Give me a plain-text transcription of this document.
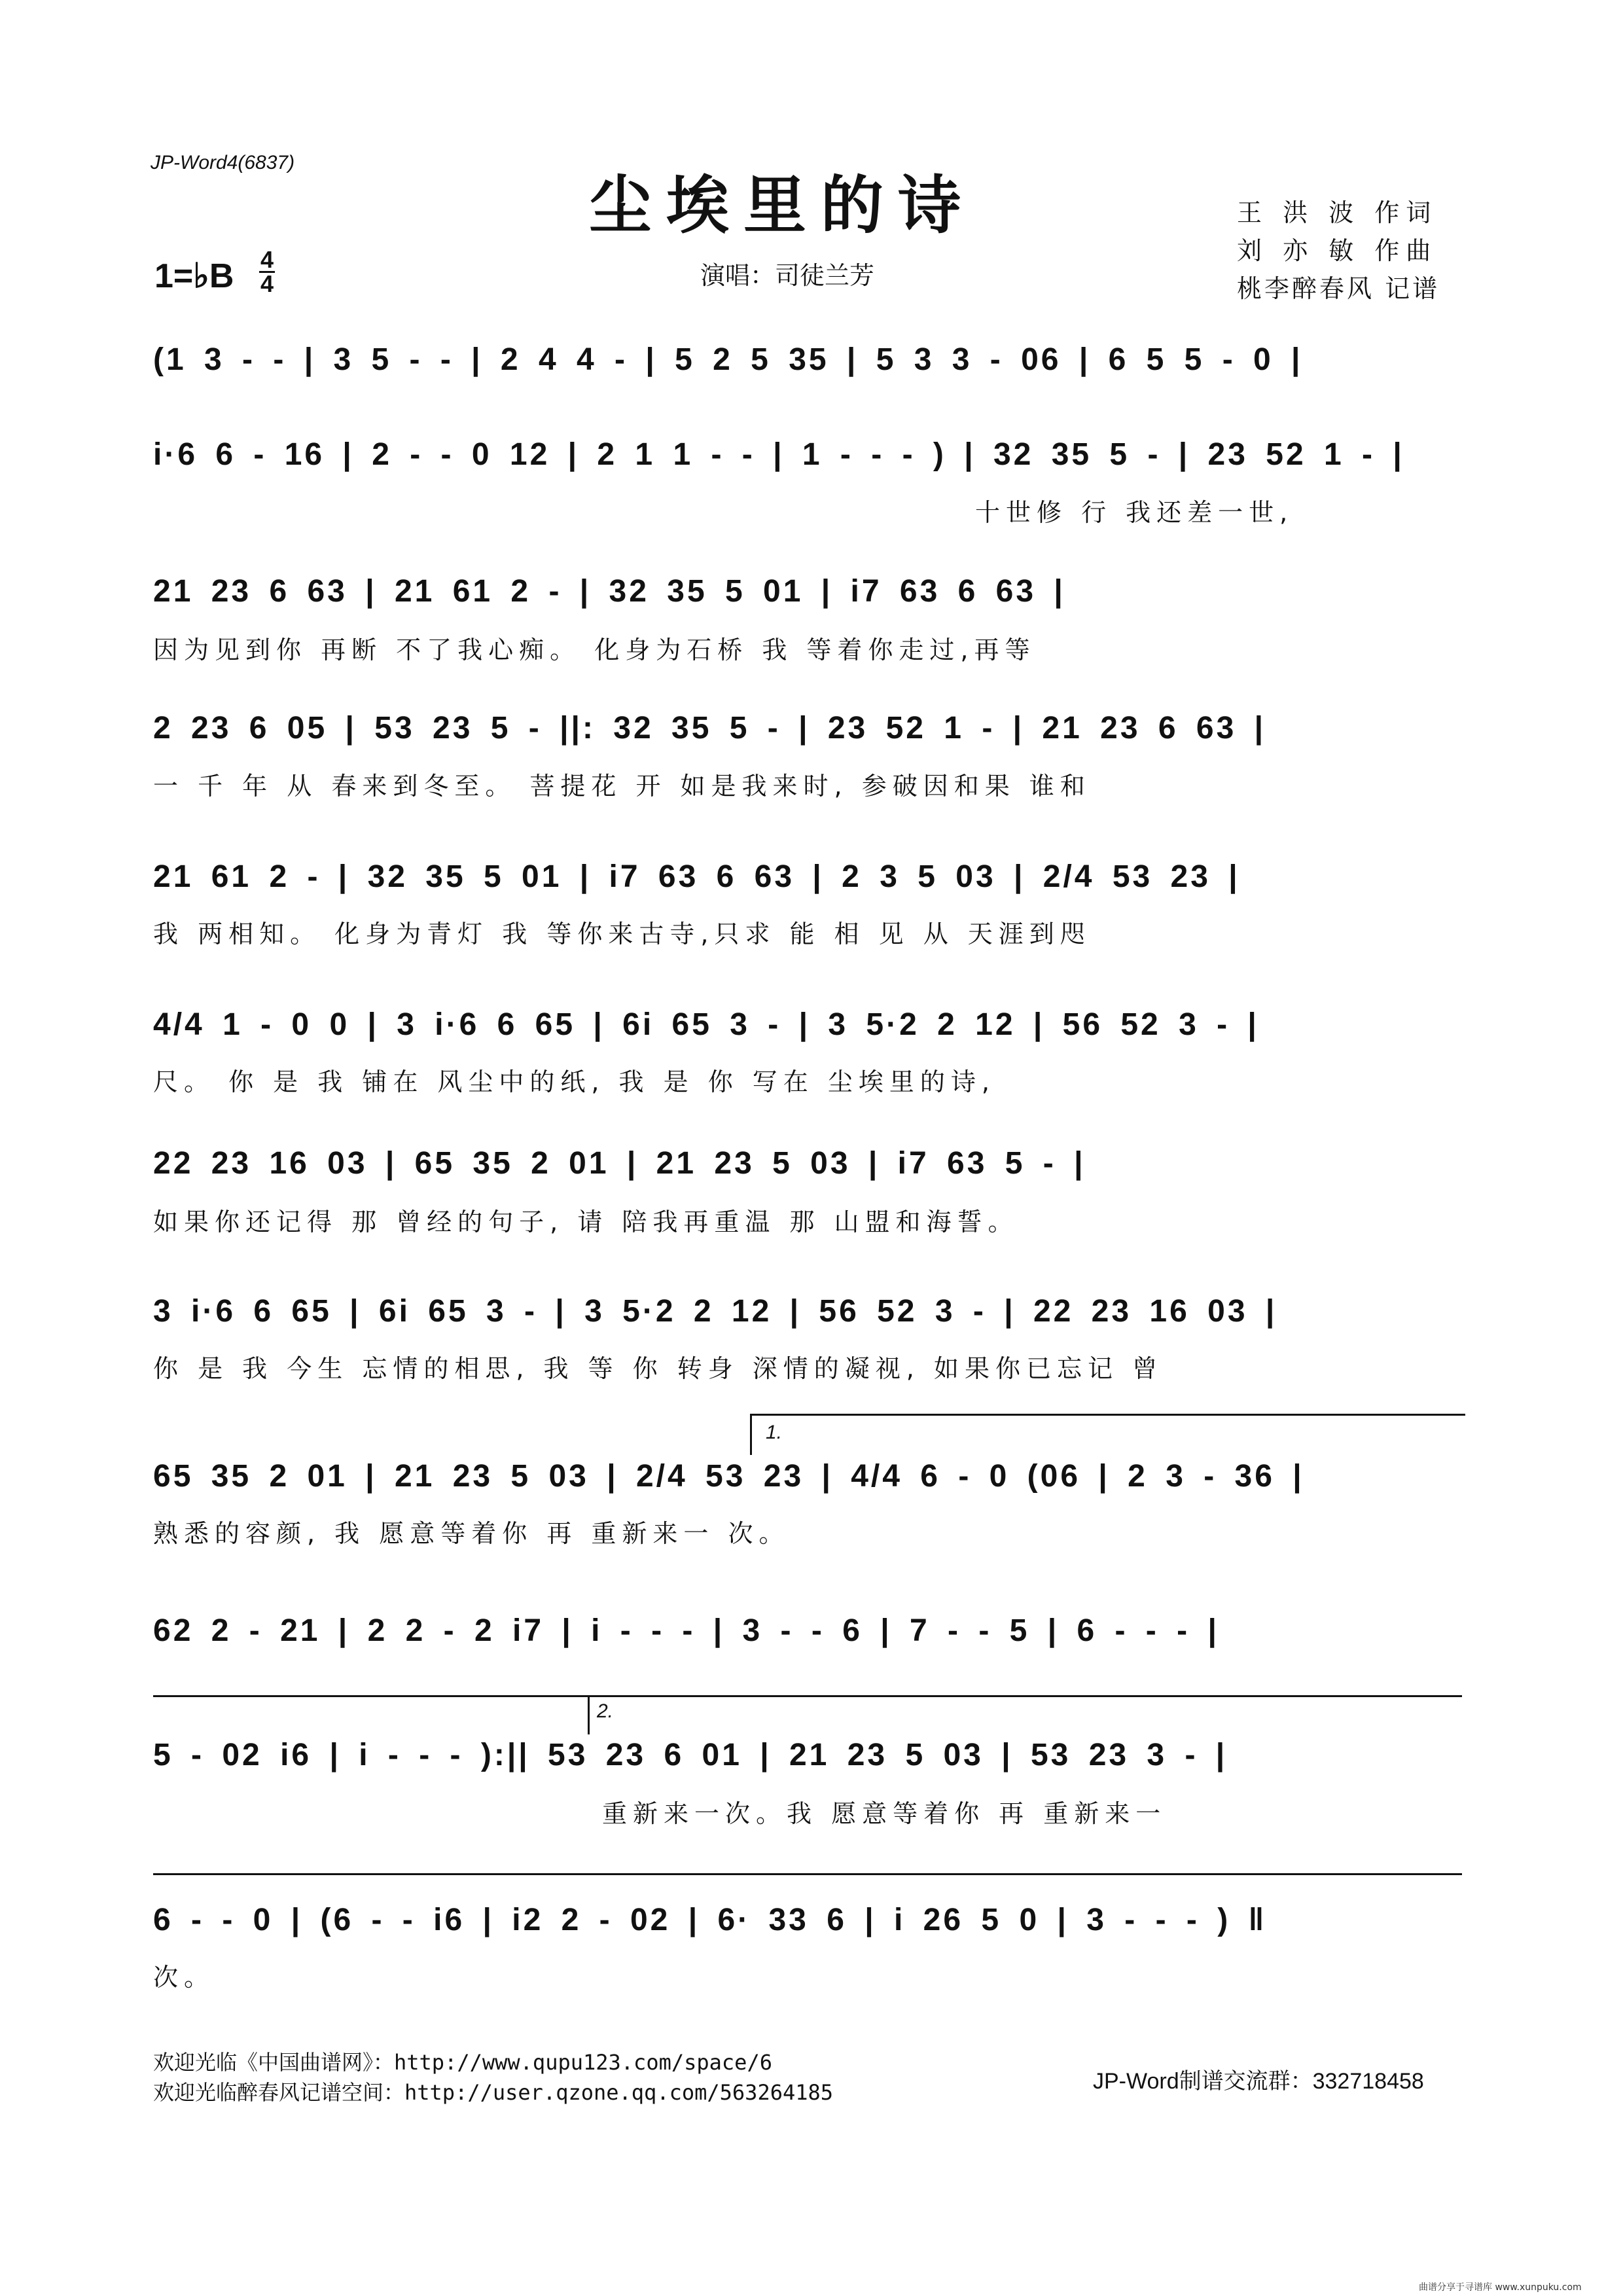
JP-Word4(6837)
尘埃里的诗	王 洪 波 作词
刘 亦 敏 作曲
桃李醉春风 记谱
1=♭B 4
4	演唱：司徒兰芳
(1 3 - - | 3 5 - - | 2 4 4 - | 5 2 5 35 | 5 3 3 - 06 | 6 5 5 - 0 |
i·6 6 - 16 | 2 - - 0 12 | 2 1 1 - - | 1 - - - ) | 32 35 5 - | 23 52 1 - |
十世修 行 我还差一世,
21 23 6 63 | 21 61 2 - | 32 35 5 01 | i7 63 6 63 |
因为见到你 再断 不了我心痴。 化身为石桥 我 等着你走过,再等
2 23 6 05 | 53 23 5 - ||: 32 35 5 - | 23 52 1 - | 21 23 6 63 |
一 千 年 从 春来到冬至。 菩提花 开 如是我来时, 参破因和果 谁和
21 61 2 - | 32 35 5 01 | i7 63 6 63 | 2 3 5 03 | 2/4 53 23 |
我 两相知。 化身为青灯 我 等你来古寺,只求 能 相 见 从 天涯到咫
4/4 1 - 0 0 | 3 i·6 6 65 | 6i 65 3 - | 3 5·2 2 12 | 56 52 3 - |
尺。 你 是 我 铺在 风尘中的纸, 我 是 你 写在 尘埃里的诗,
22 23 16 03 | 65 35 2 01 | 21 23 5 03 | i7 63 5 - |
如果你还记得 那 曾经的句子, 请 陪我再重温 那 山盟和海誓。
3 i·6 6 65 | 6i 65 3 - | 3 5·2 2 12 | 56 52 3 - | 22 23 16 03 |
你 是 我 今生 忘情的相思, 我 等 你 转身 深情的凝视, 如果你已忘记 曾
1.
65 35 2 01 | 21 23 5 03 | 2/4 53 23 | 4/4 6 - 0 (06 | 2 3 - 36 |
熟悉的容颜, 我 愿意等着你 再 重新来一 次。
62 2 - 21 | 2 2 - 2 i7 | i - - - | 3 - - 6 | 7 - - 5 | 6 - - - |
2.
5 - 02 i6 | i - - - ):|| 53 23 6 01 | 21 23 5 03 | 53 23 3 - |
重新来一次。我 愿意等着你 再 重新来一
6 - - 0 | (6 - - i6 | i2 2 - 02 | 6· 33 6 | i 26 5 0 | 3 - - - ) ‖
次。
欢迎光临《中国曲谱网》：http://www.qupu123.com/space/6
欢迎光临醉春风记谱空间：http://user.qzone.qq.com/563264185	JP-Word制谱交流群：332718458
曲谱分享于寻谱库 www.xunpuku.com
